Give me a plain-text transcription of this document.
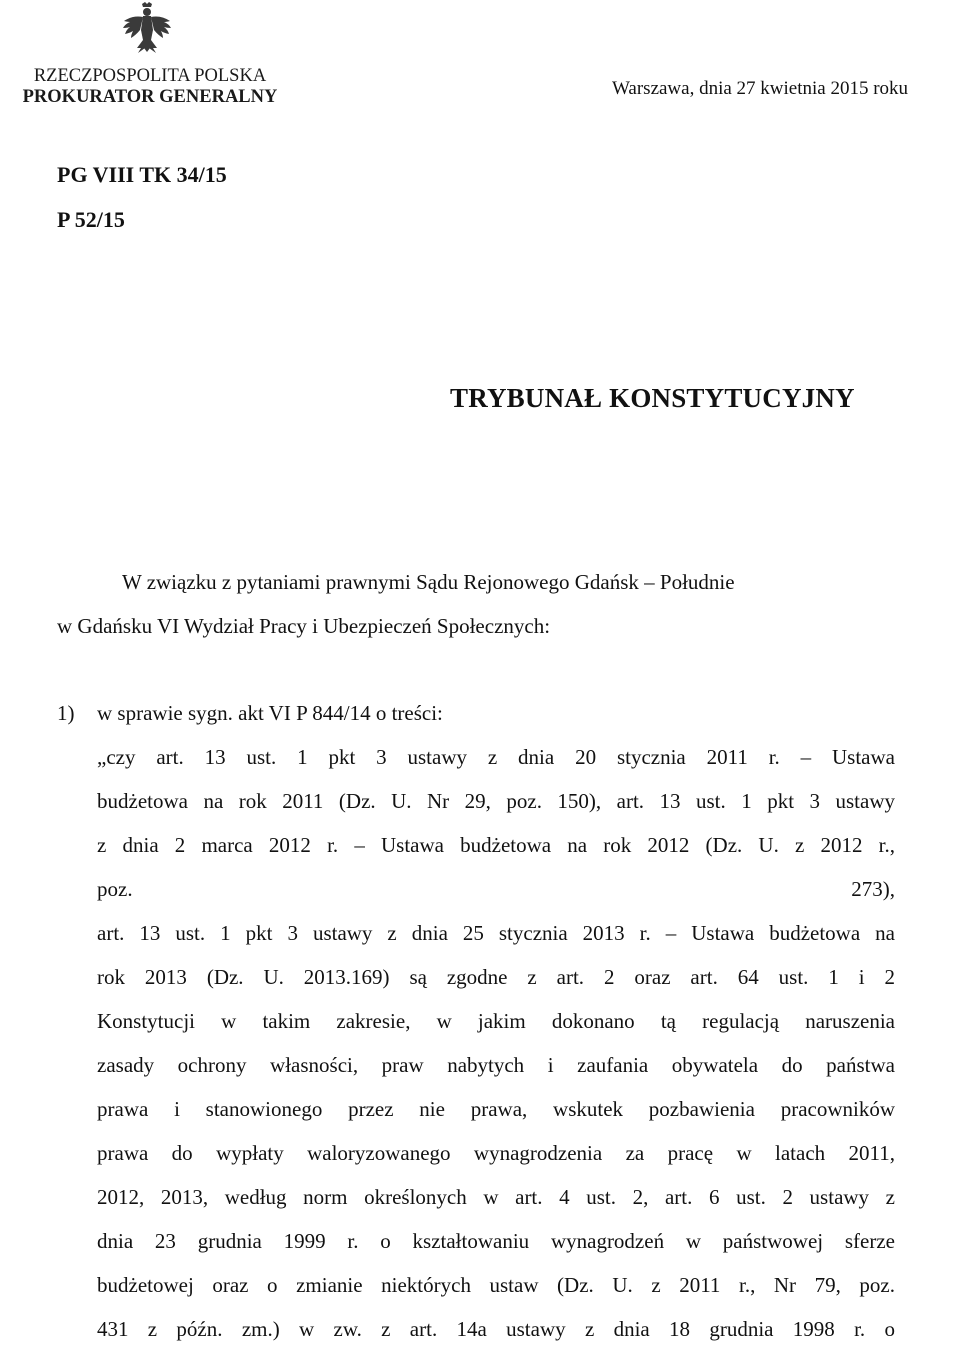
RZECZPOSPOLITA POLSKA
PROKURATOR GENERALNY	Warszawa, dnia 27 kwietnia 2015 roku
PG VIII TK 34/15
P 52/15
TRYBUNAŁ KONSTYTUCYJNY
W związku z pytaniami prawnymi Sądu Rejonowego Gdańsk – Południe
w Gdańsku VI Wydział Pracy i Ubezpieczeń Społecznych:
1) w sprawie sygn. akt VI P 844/14 o treści:
„czy art. 13 ust. 1 pkt 3 ustawy z dnia 20 stycznia 2011 r. – Ustawa
budżetowa na rok 2011 (Dz. U. Nr 29, poz. 150), art. 13 ust. 1 pkt 3 ustawy
z dnia 2 marca 2012 r. – Ustawa budżetowa na rok 2012 (Dz. U. z 2012 r.,
poz. 273),
art. 13 ust. 1 pkt 3 ustawy z dnia 25 stycznia 2013 r. – Ustawa budżetowa na
rok 2013 (Dz. U. 2013.169) są zgodne z art. 2 oraz art. 64 ust. 1 i 2
Konstytucji w takim zakresie, w jakim dokonano tą regulacją naruszenia
zasady ochrony własności, praw nabytych i zaufania obywatela do państwa
prawa i stanowionego przez nie prawa, wskutek pozbawienia pracowników
prawa do wypłaty waloryzowanego wynagrodzenia za pracę w latach 2011,
2012, 2013, według norm określonych w art. 4 ust. 2, art. 6 ust. 2 ustawy z
dnia 23 grudnia 1999 r. o kształtowaniu wynagrodzeń w państwowej sferze
budżetowej oraz o zmianie niektórych ustaw (Dz. U. z 2011 r., Nr 79, poz.
431 z późn. zm.) w zw. z art. 14a ustawy z dnia 18 grudnia 1998 r. o
